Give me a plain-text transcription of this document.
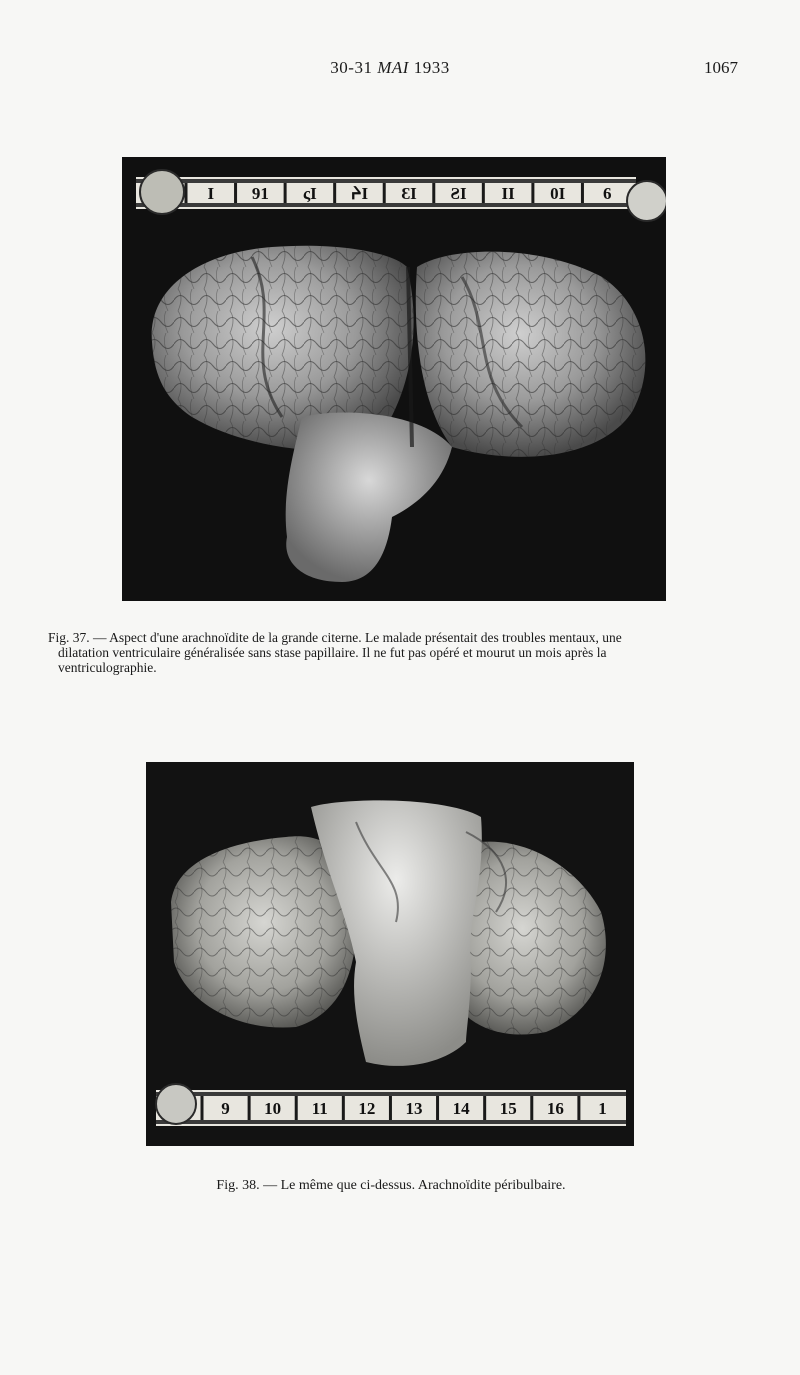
30-31 MAI 1933	1067
I 91 ςI ᔨI ƐI ƧI II 0I 6
Fig. 37. — Aspect d'une arachnoïdite de la grande citerne. Le malade présentait des troubles mentaux, une
dilatation ventriculaire généralisée sans stase papillaire. Il ne fut pas opéré et mourut un mois après la
ventriculographie.
9 10 11 12 13 14 15 16 1
Fig. 38. — Le même que ci-dessus. Arachnoïdite péribulbaire.
